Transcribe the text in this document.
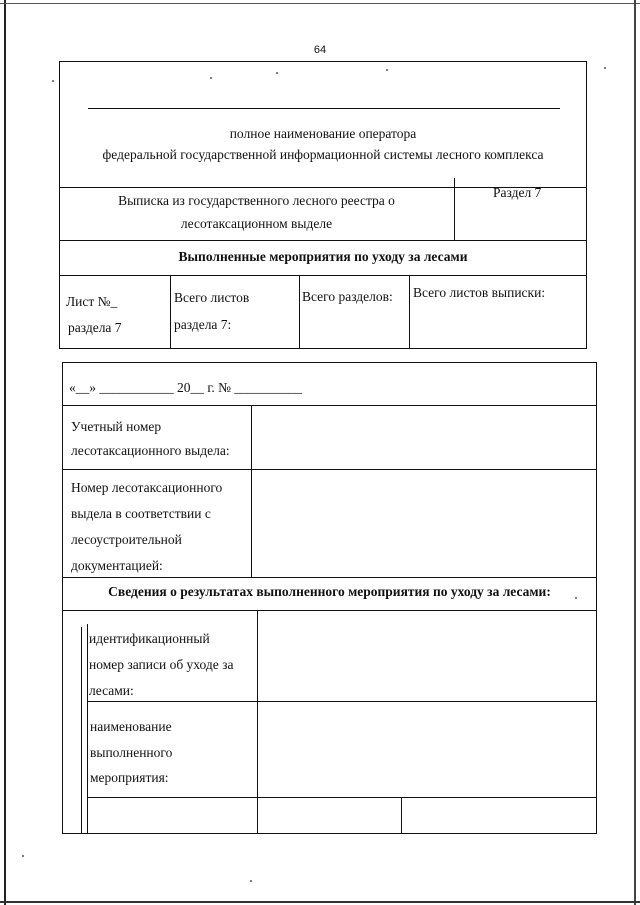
64
полное наименование оператора
федеральной государственной информационной системы лесного комплекса
Выписка из государственного лесного реестра о
лесотаксационном выделе
Раздел 7
Выполненные мероприятия по уходу за лесами
Лист №_
раздела 7
Всего листов
раздела 7:
Всего разделов: Всего листов выписки:
«__» ___________ 20__ г. № __________
Учетный номер
лесотаксационного выдела:
Номер лесотаксационного
выдела в соответствии с
лесоустроительной
документацией:
Сведения о результатах выполненного мероприятия по уходу за лесами:
идентификационный
номер записи об уходе за
лесами:
наименование
выполненного
мероприятия:
